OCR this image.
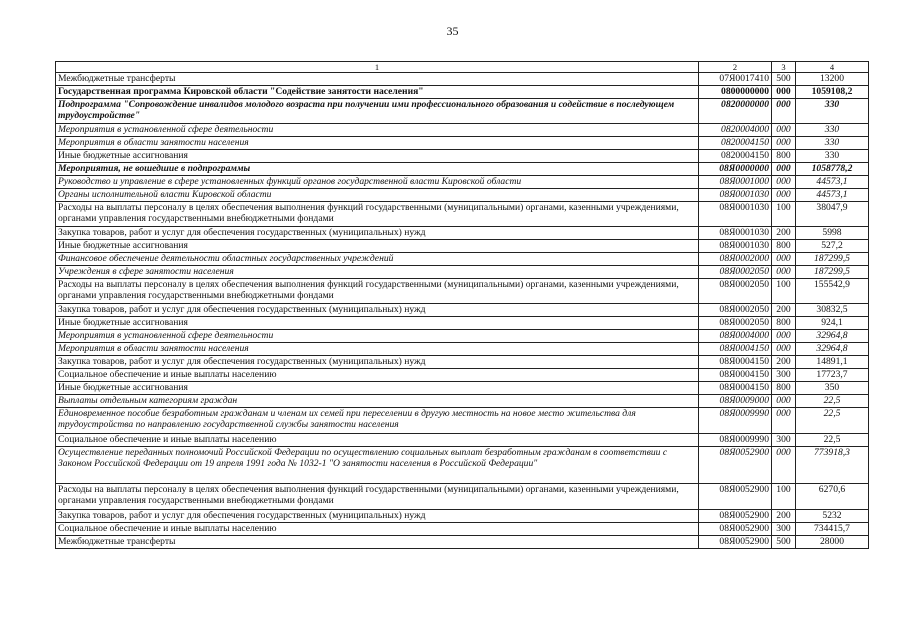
35
1	2	3	4
Межбюджетные трансферты	07Я0017410	500	13200
Государственная программа Кировской области "Содействие занятости населения"	0800000000	000	1059108,2
Подпрограмма "Сопровождение инвалидов молодого возраста при получении ими профессионального образования и содействие в последующем трудоустройстве"	0820000000	000	330
Мероприятия в установленной сфере деятельности	0820004000	000	330
Мероприятия в области занятости населения	0820004150	000	330
Иные бюджетные ассигнования	0820004150	800	330
Мероприятия, не вошедшие в подпрограммы	08Я0000000	000	1058778,2
Руководство и управление в сфере установленных функций органов государственной власти Кировской области	08Я0001000	000	44573,1
Органы исполнительной власти Кировской области	08Я0001030	000	44573,1
Расходы на выплаты персоналу в целях обеспечения выполнения функций государственными (муниципальными) органами, казенными учреждениями, органами управления государственными внебюджетными фондами	08Я0001030	100	38047,9
Закупка товаров, работ и услуг для обеспечения государственных (муниципальных) нужд	08Я0001030	200	5998
Иные бюджетные ассигнования	08Я0001030	800	527,2
Финансовое обеспечение деятельности областных государственных учреждений	08Я0002000	000	187299,5
Учреждения в сфере занятости населения	08Я0002050	000	187299,5
Расходы на выплаты персоналу в целях обеспечения выполнения функций государственными (муниципальными) органами, казенными учреждениями, органами управления государственными внебюджетными фондами	08Я0002050	100	155542,9
Закупка товаров, работ и услуг для обеспечения государственных (муниципальных) нужд	08Я0002050	200	30832,5
Иные бюджетные ассигнования	08Я0002050	800	924,1
Мероприятия в установленной сфере деятельности	08Я0004000	000	32964,8
Мероприятия в области занятости населения	08Я0004150	000	32964,8
Закупка товаров, работ и услуг для обеспечения государственных (муниципальных) нужд	08Я0004150	200	14891,1
Социальное обеспечение и иные выплаты населению	08Я0004150	300	17723,7
Иные бюджетные ассигнования	08Я0004150	800	350
Выплаты отдельным категориям граждан	08Я0009000	000	22,5
Единовременное пособие безработным гражданам и членам их семей при переселении в другую местность на новое место жительства для трудоустройства по направлению государственной службы занятости населения	08Я0009990	000	22,5
Социальное обеспечение и иные выплаты населению	08Я0009990	300	22,5
Осуществление переданных полномочий Российской Федерации по осуществлению социальных выплат безработным гражданам в соответствии с Законом Российской Федерации от 19 апреля 1991 года № 1032-1 "О занятости населения в Российской Федерации"	08Я0052900	000	773918,3
Расходы на выплаты персоналу в целях обеспечения выполнения функций государственными (муниципальными) органами, казенными учреждениями, органами управления государственными внебюджетными фондами	08Я0052900	100	6270,6
Закупка товаров, работ и услуг для обеспечения государственных (муниципальных) нужд	08Я0052900	200	5232
Социальное обеспечение и иные выплаты населению	08Я0052900	300	734415,7
Межбюджетные трансферты	08Я0052900	500	28000
